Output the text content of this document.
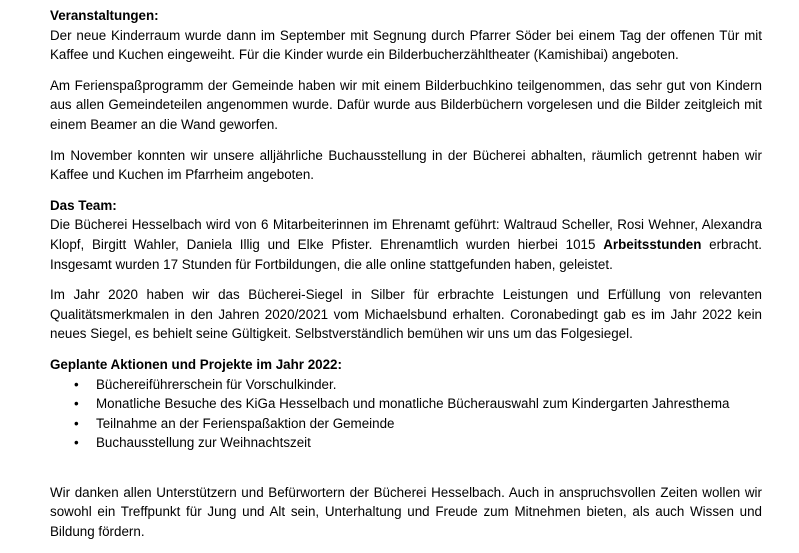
Veranstaltungen:

Der neue Kinderraum wurde dann im September mit Segnung durch Pfarrer Söder bei einem Tag der offenen Tür mit Kaffee und Kuchen eingeweiht. Für die Kinder wurde ein Bilderbucherzähltheater (Kamishibai) angeboten.

Am Ferienspaßprogramm der Gemeinde haben wir mit einem Bilderbuchkino teilgenommen, das sehr gut von Kindern aus allen Gemeindeteilen angenommen wurde. Dafür wurde aus Bilderbüchern vorgelesen und die Bilder zeitgleich mit einem Beamer an die Wand geworfen.

Im November konnten wir unsere alljährliche Buchausstellung in der Bücherei abhalten, räumlich getrennt haben wir Kaffee und Kuchen im Pfarrheim angeboten.

Das Team:

Die Bücherei Hesselbach wird von 6 Mitarbeiterinnen im Ehrenamt geführt: Waltraud Scheller, Rosi Wehner, Alexandra Klopf, Birgitt Wahler, Daniela Illig und Elke Pfister. Ehrenamtlich wurden hierbei 1015 Arbeitsstunden erbracht. Insgesamt wurden 17 Stunden für Fortbildungen, die alle online stattgefunden haben, geleistet.

Im Jahr 2020 haben wir das Bücherei-Siegel in Silber für erbrachte Leistungen und Erfüllung von relevanten Qualitätsmerkmalen in den Jahren 2020/2021 vom Michaelsbund erhalten. Coronabedingt gab es im Jahr 2022 kein neues Siegel, es behielt seine Gültigkeit. Selbstverständlich bemühen wir uns um das Folgesiegel.

Geplante Aktionen und Projekte im Jahr 2022:

• Büchereiführerschein für Vorschulkinder.
• Monatliche Besuche des KiGa Hesselbach und monatliche Bücherauswahl zum Kindergarten Jahresthema
• Teilnahme an der Ferienspaßaktion der Gemeinde
• Buchausstellung zur Weihnachtszeit

Wir danken allen Unterstützern und Befürwortern der Bücherei Hesselbach. Auch in anspruchsvollen Zeiten wollen wir sowohl ein Treffpunkt für Jung und Alt sein, Unterhaltung und Freude zum Mitnehmen bieten, als auch Wissen und Bildung fördern.
